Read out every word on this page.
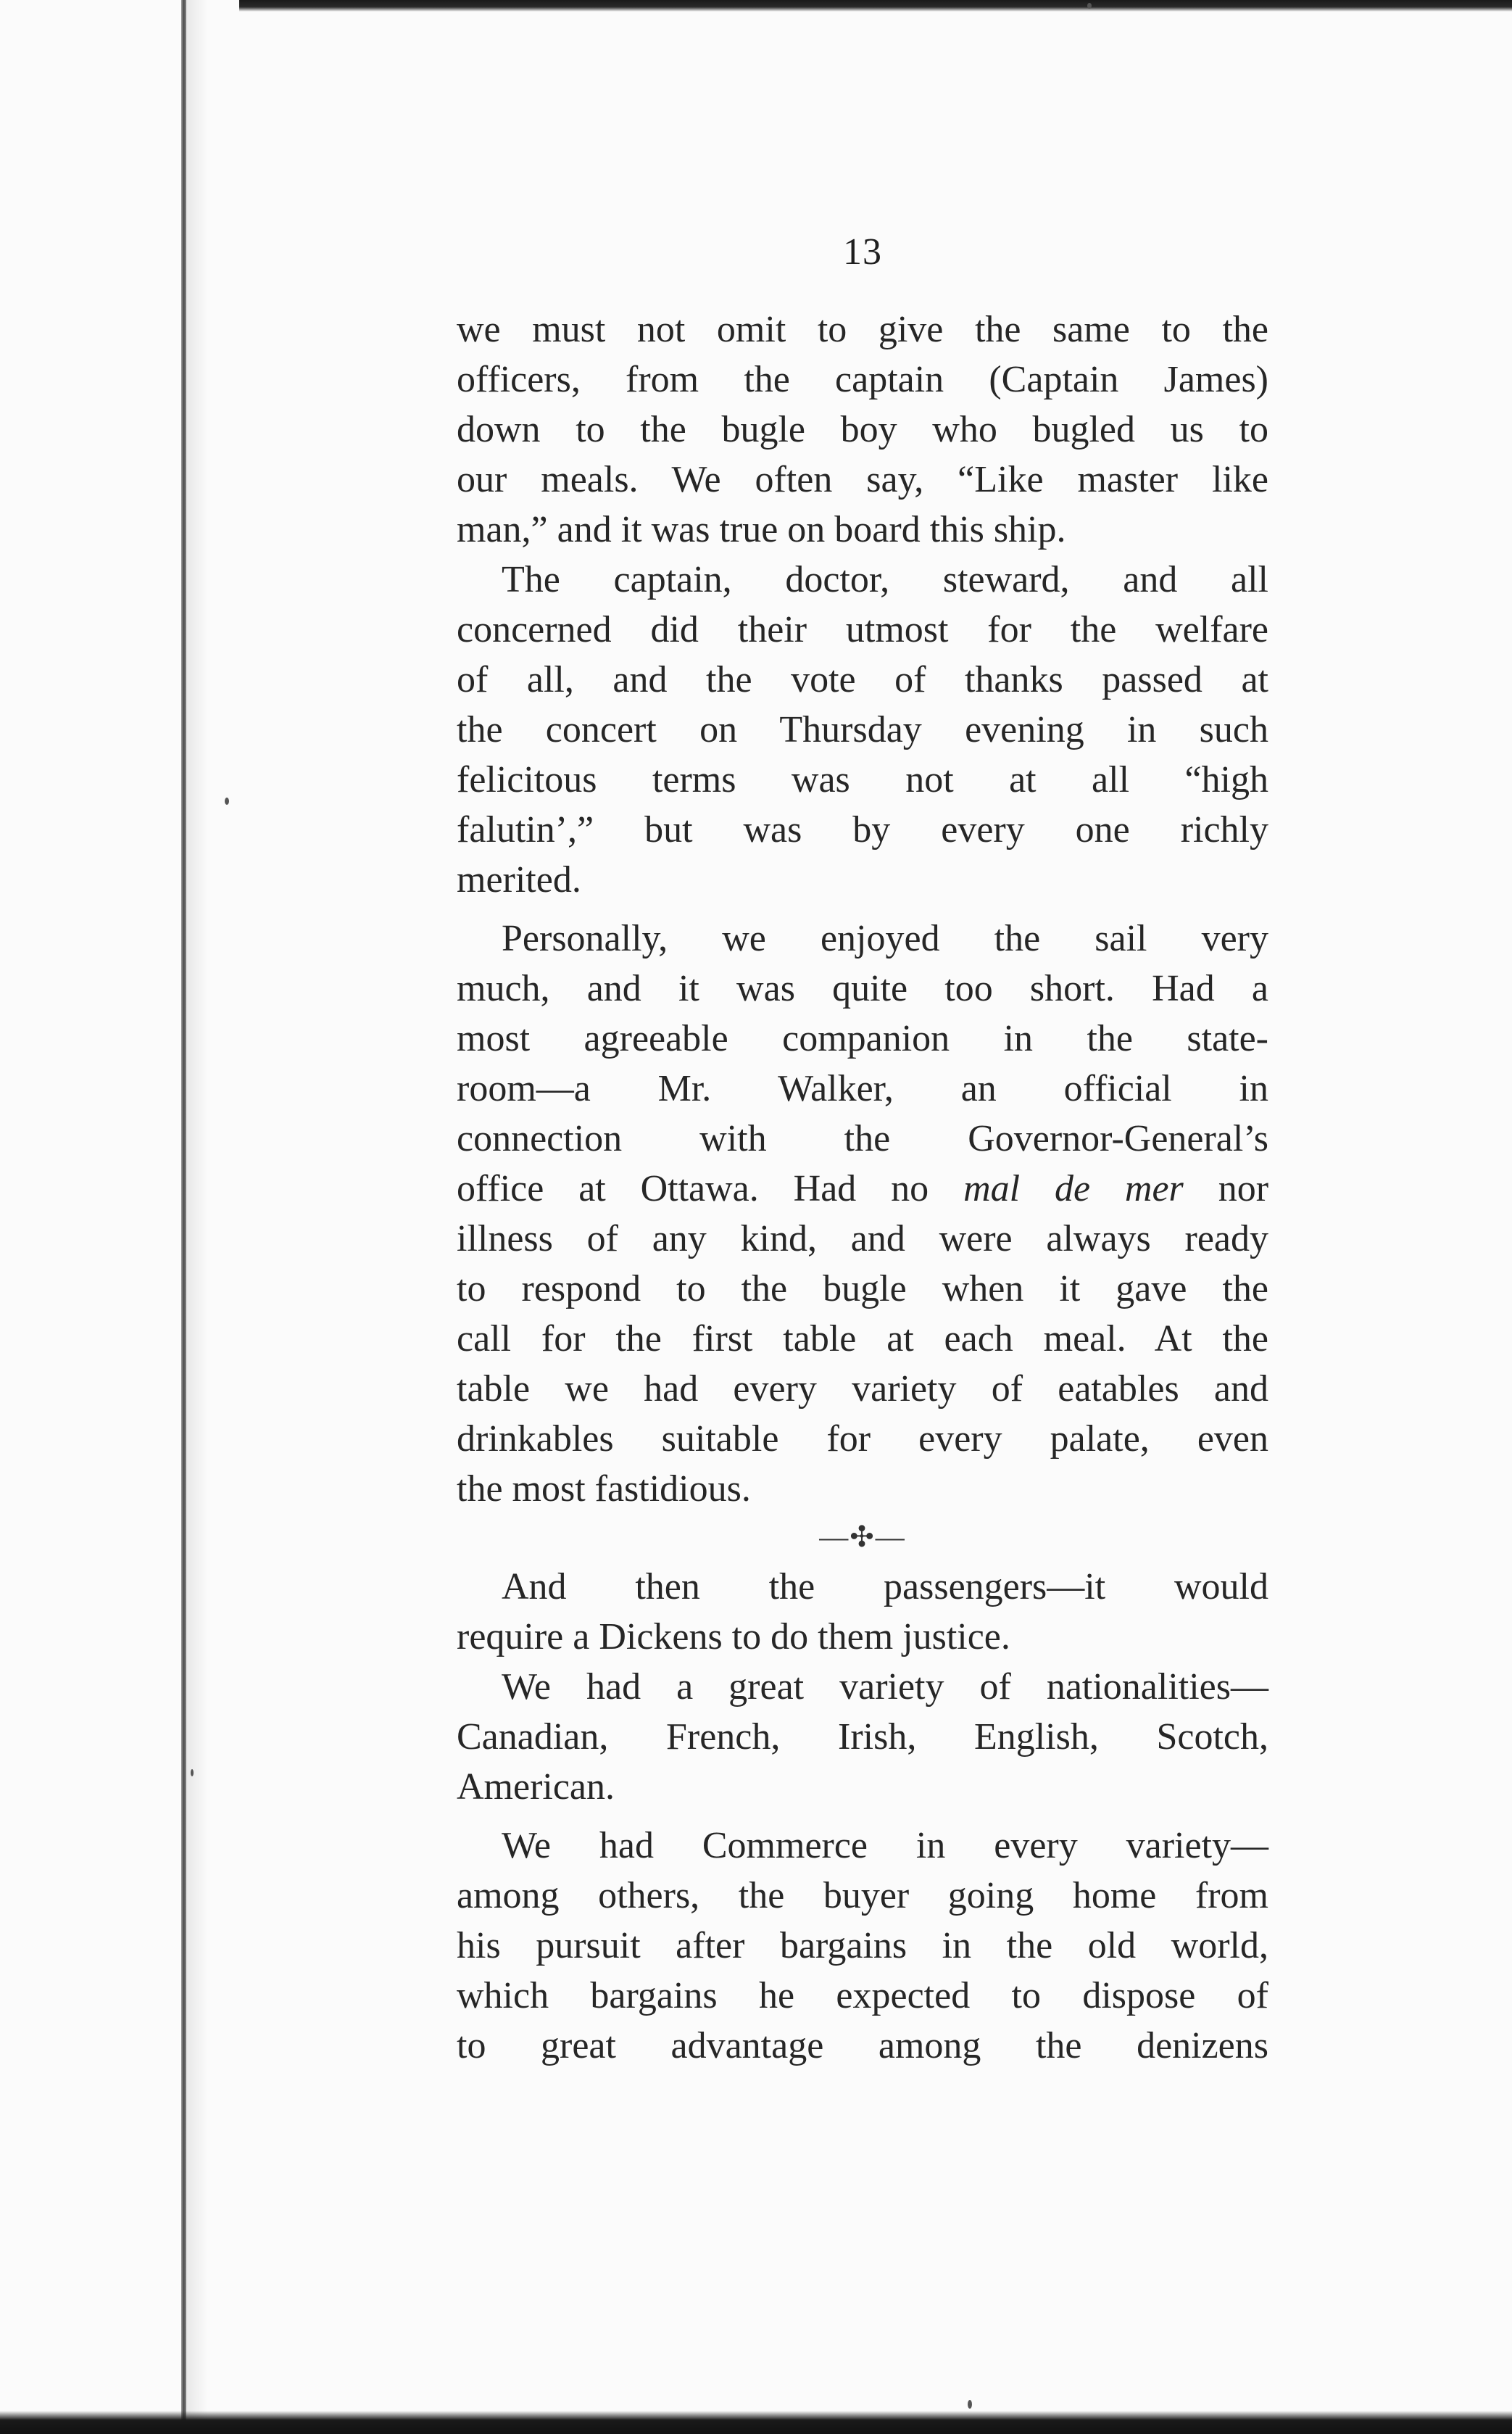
13
we must not omit to give the same to the
officers, from the captain (Captain James)
down to the bugle boy who bugled us to
our meals. We often say, “Like master like
man,” and it was true on board this ship.
The captain, doctor, steward, and all
concerned did their utmost for the welfare
of all, and the vote of thanks passed at
the concert on Thursday evening in such
felicitous terms was not at all “high
falutin’,” but was by every one richly
merited.
Personally, we enjoyed the sail very
much, and it was quite too short. Had a
most agreeable companion in the state-
room—a Mr. Walker, an official in
connection with the Governor-General’s
office at Ottawa. Had no mal de mer nor
illness of any kind, and were always ready
to respond to the bugle when it gave the
call for the first table at each meal. At the
table we had every variety of eatables and
drinkables suitable for every palate, even
the most fastidious.
—✣—
And then the passengers—it would
require a Dickens to do them justice.
We had a great variety of nationalities—
Canadian, French, Irish, English, Scotch,
American.
We had Commerce in every variety—
among others, the buyer going home from
his pursuit after bargains in the old world,
which bargains he expected to dispose of
to great advantage among the denizens
